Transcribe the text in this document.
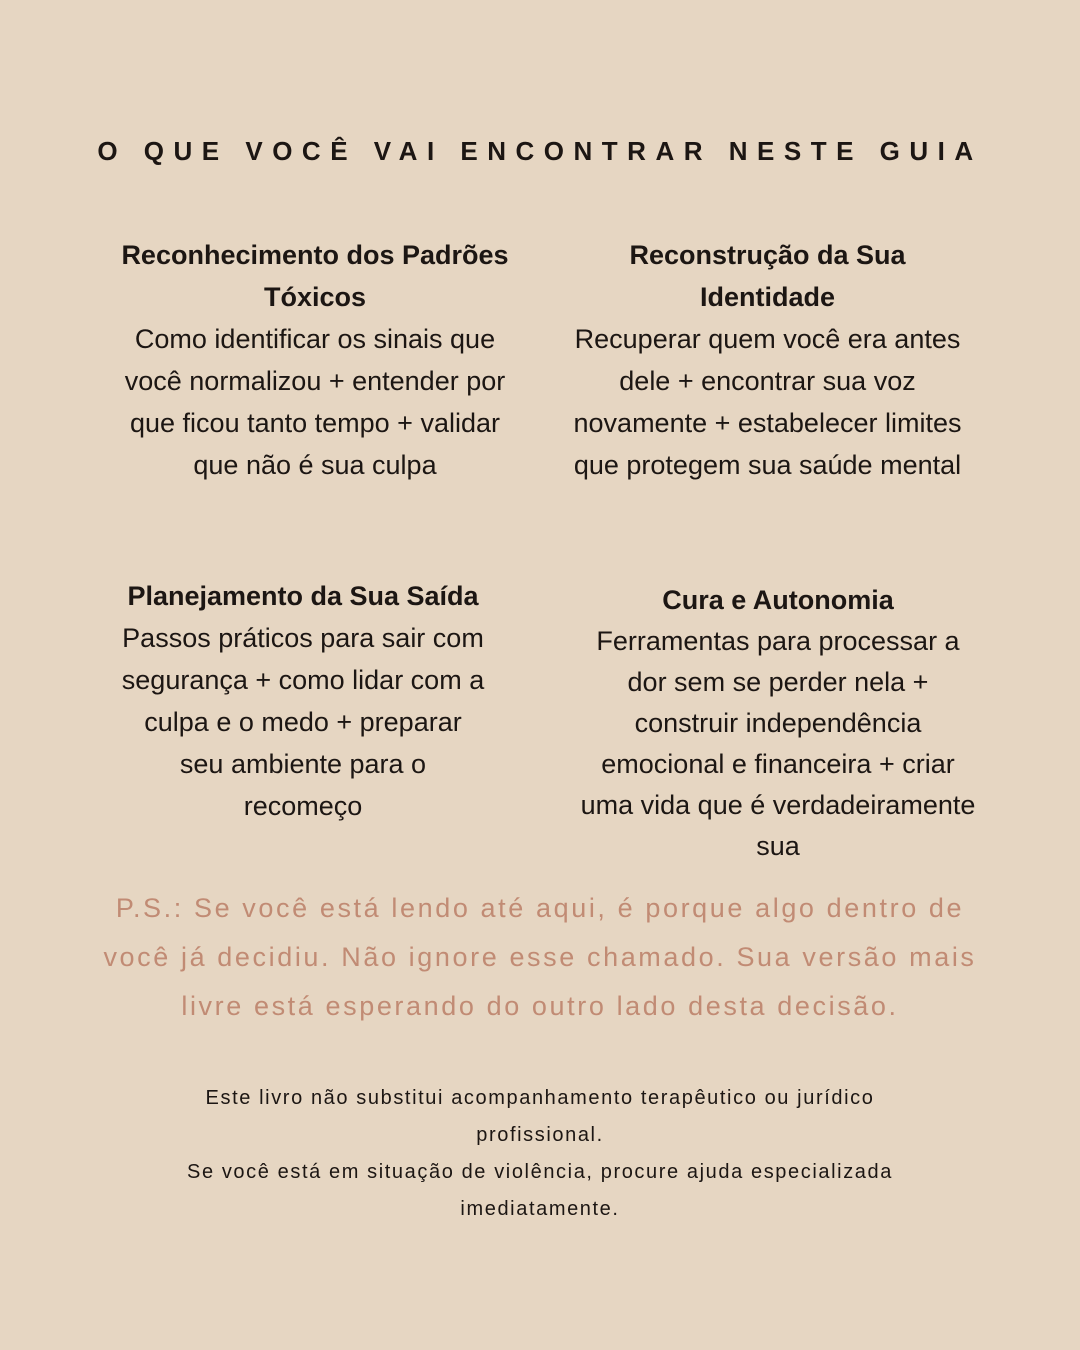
O QUE VOCÊ VAI ENCONTRAR NESTE GUIA
Reconhecimento dos Padrões Tóxicos
Como identificar os sinais que você normalizou + entender por que ficou tanto tempo + validar que não é sua culpa
Reconstrução da Sua Identidade
Recuperar quem você era antes dele + encontrar sua voz novamente + estabelecer limites que protegem sua saúde mental
Planejamento da Sua Saída
Passos práticos para sair com segurança + como lidar com a culpa e o medo + preparar seu ambiente para o recomeço
Cura e Autonomia
Ferramentas para processar a dor sem se perder nela + construir independência emocional e financeira + criar uma vida que é verdadeiramente sua
P.S.: Se você está lendo até aqui, é porque algo dentro de você já decidiu. Não ignore esse chamado. Sua versão mais livre está esperando do outro lado desta decisão.

Este livro não substitui acompanhamento terapêutico ou jurídico profissional.

Se você está em situação de violência, procure ajuda especializada imediatamente.
